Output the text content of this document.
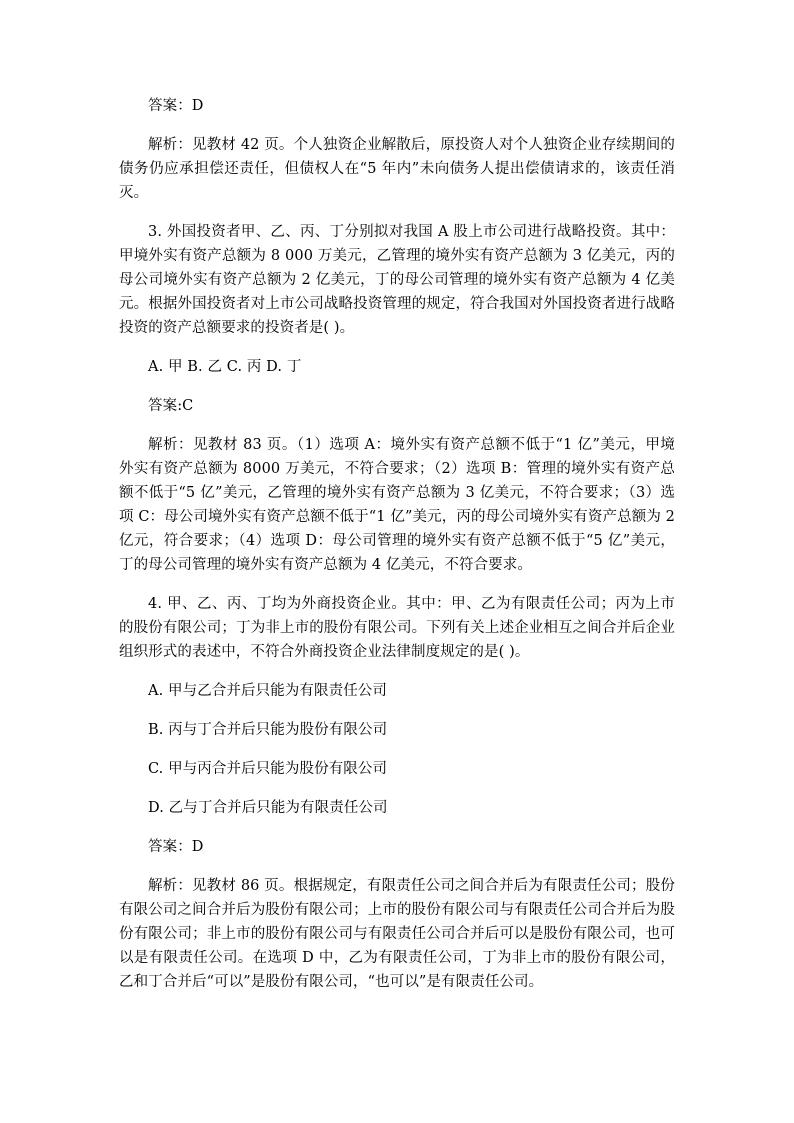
答案：D

解析：见教材 42 页。个人独资企业解散后，原投资人对个人独资企业存续期间的债务仍应承担偿还责任，但债权人在“5 年内”未向债务人提出偿债请求的，该责任消灭。

3. 外国投资者甲、乙、丙、丁分别拟对我国 A 股上市公司进行战略投资。其中：甲境外实有资产总额为 8 000 万美元，乙管理的境外实有资产总额为 3 亿美元，丙的母公司境外实有资产总额为 2 亿美元，丁的母公司管理的境外实有资产总额为 4 亿美元。根据外国投资者对上市公司战略投资管理的规定，符合我国对外国投资者进行战略投资的资产总额要求的投资者是( )。

A. 甲 B. 乙 C. 丙 D. 丁

答案:C

解析：见教材 83 页。（1）选项 A：境外实有资产总额不低于“1 亿”美元，甲境外实有资产总额为 8000 万美元，不符合要求；（2）选项 B：管理的境外实有资产总额不低于“5 亿”美元，乙管理的境外实有资产总额为 3 亿美元，不符合要求；（3）选项 C：母公司境外实有资产总额不低于“1 亿”美元，丙的母公司境外实有资产总额为 2 亿元，符合要求；（4）选项 D：母公司管理的境外实有资产总额不低于“5 亿”美元，丁的母公司管理的境外实有资产总额为 4 亿美元，不符合要求。

4. 甲、乙、丙、丁均为外商投资企业。其中：甲、乙为有限责任公司；丙为上市的股份有限公司；丁为非上市的股份有限公司。下列有关上述企业相互之间合并后企业组织形式的表述中，不符合外商投资企业法律制度规定的是( )。

A. 甲与乙合并后只能为有限责任公司

B. 丙与丁合并后只能为股份有限公司

C. 甲与丙合并后只能为股份有限公司

D. 乙与丁合并后只能为有限责任公司

答案：D

解析：见教材 86 页。根据规定，有限责任公司之间合并后为有限责任公司；股份有限公司之间合并后为股份有限公司；上市的股份有限公司与有限责任公司合并后为股份有限公司；非上市的股份有限公司与有限责任公司合并后可以是股份有限公司，也可以是有限责任公司。在选项 D 中，乙为有限责任公司，丁为非上市的股份有限公司，乙和丁合并后“可以”是股份有限公司，“也可以”是有限责任公司。
